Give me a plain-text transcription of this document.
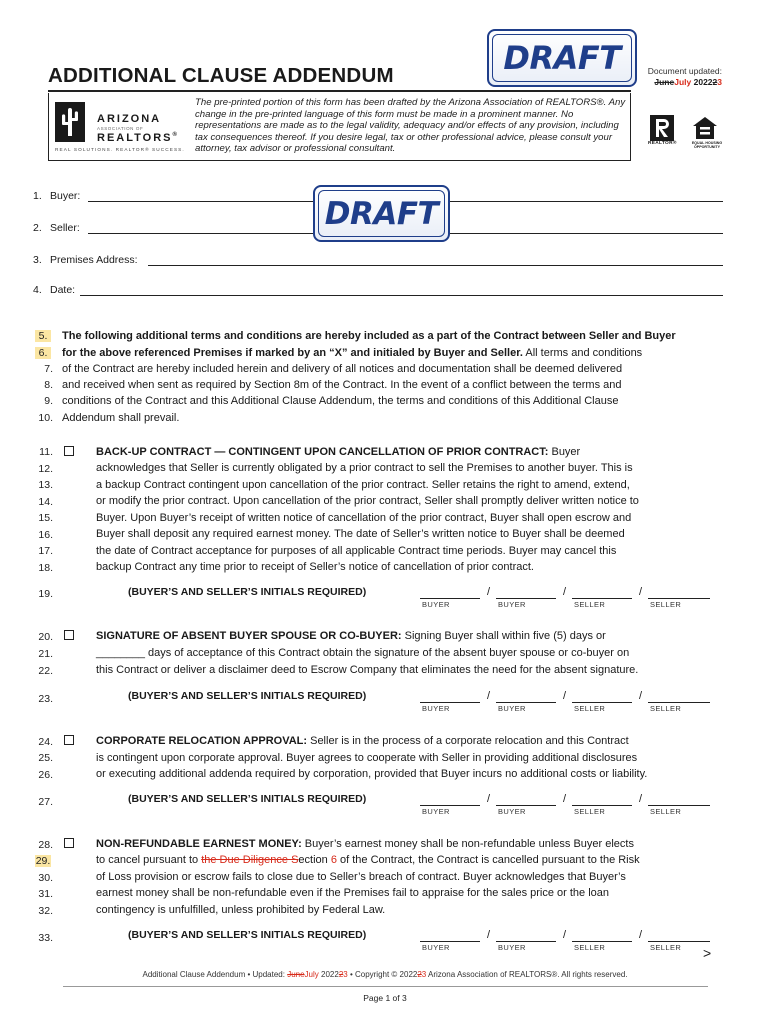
ADDITIONAL CLAUSE ADDENDUM	Document updated:
JuneJuly 202223
DRAFT
ARIZONA
ASSOCIATION OF
REALTORS®
REAL SOLUTIONS. REALTOR® SUCCESS.
The pre-printed portion of this form has been drafted by the Arizona Association of REALTORS®. Any change in the pre-printed language of this form must be made in a prominent manner. No representations are made as to the legal validity, adequacy and/or effects of any provision, including tax consequences thereof. If you desire legal, tax or other professional advice, please consult your attorney, tax advisor or professional consultant.	REALTOR®	EQUAL HOUSING OPPORTUNITY
1. Buyer:
2. Seller:	DRAFT
3. Premises Address:
4. Date:
5.
6.
7.
8.
9.
10.
The following additional terms and conditions are hereby included as a part of the Contract between Seller and Buyer
for the above referenced Premises if marked by an “X” and initialed by Buyer and Seller. All terms and conditions
of the Contract are hereby included herein and delivery of all notices and documentation shall be deemed delivered
and received when sent as required by Section 8m of the Contract. In the event of a conflict between the terms and
conditions of the Contract and this Additional Clause Addendum, the terms and conditions of this Additional Clause
Addendum shall prevail.
11.
12.
13.
14.
15.
16.
17.
18.
BACK-UP CONTRACT — CONTINGENT UPON CANCELLATION OF PRIOR CONTRACT: Buyer
acknowledges that Seller is currently obligated by a prior contract to sell the Premises to another buyer. This is
a backup Contract contingent upon cancellation of the prior contract. Seller retains the right to amend, extend,
or modify the prior contract. Upon cancellation of the prior contract, Seller shall promptly deliver written notice to
Buyer. Upon Buyer’s receipt of written notice of cancellation of the prior contract, Buyer shall open escrow and
Buyer shall deposit any required earnest money. The date of Seller’s written notice to Buyer shall be deemed
the date of Contract acceptance for purposes of all applicable Contract time periods. Buyer may cancel this
backup Contract any time prior to receipt of Seller’s notice of cancellation of prior contract.
19.	(BUYER’S AND SELLER’S INITIALS REQUIRED)	/	/	/
BUYER	BUYER	SELLER	SELLER
20.
21.
22.
SIGNATURE OF ABSENT BUYER SPOUSE OR CO-BUYER: Signing Buyer shall within five (5) days or
________ days of acceptance of this Contract obtain the signature of the absent buyer spouse or co-buyer on
this Contract or deliver a disclaimer deed to Escrow Company that eliminates the need for the absent signature.
23.	(BUYER’S AND SELLER’S INITIALS REQUIRED)	/	/	/
BUYER	BUYER	SELLER	SELLER
24.
25.
26.
CORPORATE RELOCATION APPROVAL: Seller is in the process of a corporate relocation and this Contract
is contingent upon corporate approval. Buyer agrees to cooperate with Seller in providing additional disclosures
or executing additional addenda required by corporation, provided that Buyer incurs no additional costs or liability.
27.	(BUYER’S AND SELLER’S INITIALS REQUIRED)	/	/	/
BUYER	BUYER	SELLER	SELLER
28.
29.
30.
31.
32.
NON-REFUNDABLE EARNEST MONEY: Buyer’s earnest money shall be non-refundable unless Buyer elects
to cancel pursuant to the Due Diligence Section 6 of the Contract, the Contract is cancelled pursuant to the Risk
of Loss provision or escrow fails to close due to Seller’s breach of contract. Buyer acknowledges that Buyer’s
earnest money shall be non-refundable even if the Premises fail to appraise for the sales price or the loan
contingency is unfulfilled, unless prohibited by Federal Law.
33.	(BUYER’S AND SELLER’S INITIALS REQUIRED)	/	/	/
BUYER	BUYER	SELLER	SELLER >
Additional Clause Addendum • Updated: JuneJuly 202223 • Copyright © 202223 Arizona Association of REALTORS®. All rights reserved.
Page 1 of 3
